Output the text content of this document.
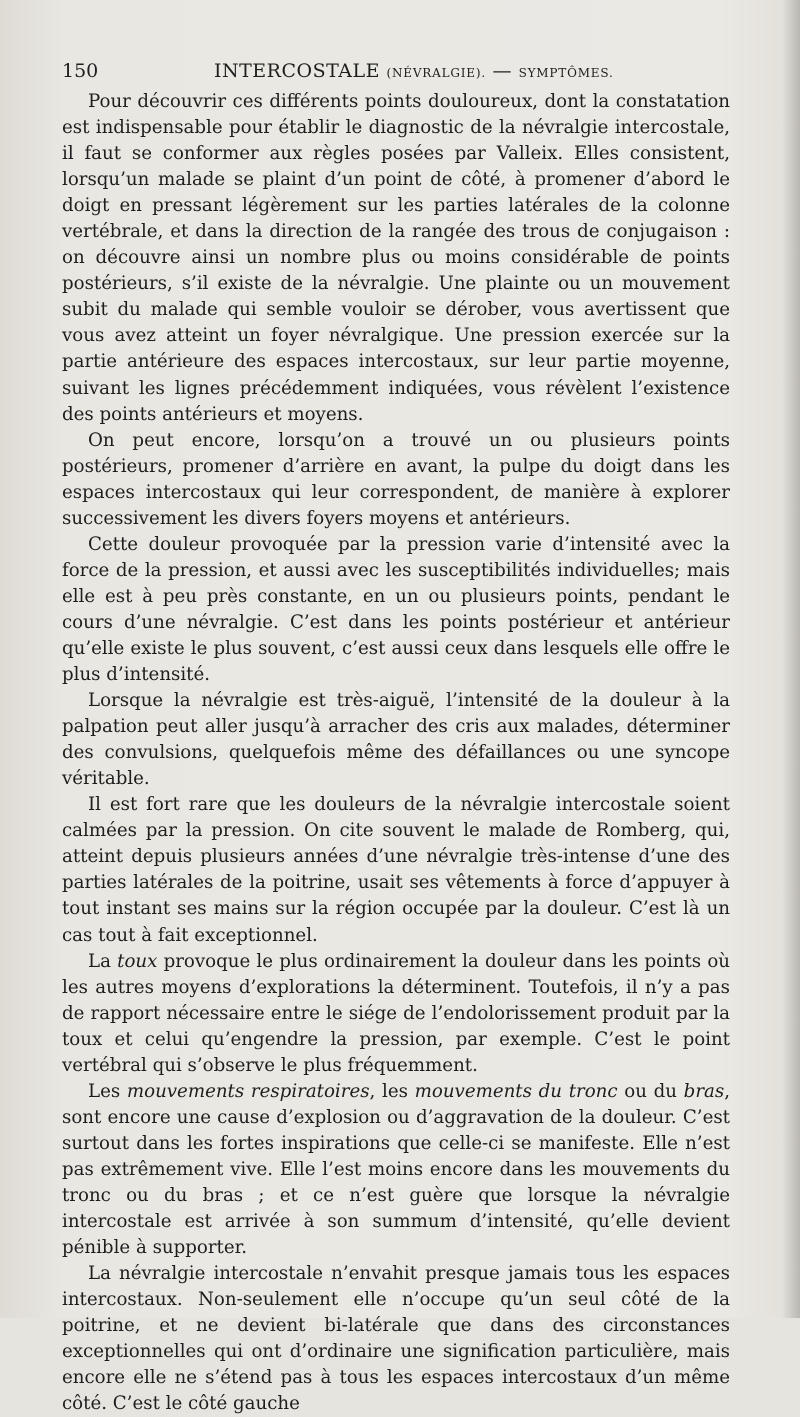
150	INTERCOSTALE (NÉVRALGIE). — SYMPTÔMES.

Pour découvrir ces différents points douloureux, dont la constatation est indispensable pour établir le diagnostic de la névralgie intercostale, il faut se conformer aux règles posées par Valleix. Elles consistent, lorsqu’un malade se plaint d’un point de côté, à promener d’abord le doigt en pressant légèrement sur les parties latérales de la colonne vertébrale, et dans la direction de la rangée des trous de conjugaison : on découvre ainsi un nombre plus ou moins considérable de points postérieurs, s’il existe de la névralgie. Une plainte ou un mouvement subit du malade qui semble vouloir se dérober, vous avertissent que vous avez atteint un foyer névralgique. Une pression exercée sur la partie antérieure des espaces intercostaux, sur leur partie moyenne, suivant les lignes précédemment indiquées, vous révèlent l’existence des points antérieurs et moyens.

On peut encore, lorsqu’on a trouvé un ou plusieurs points postérieurs, promener d’arrière en avant, la pulpe du doigt dans les espaces intercostaux qui leur correspondent, de manière à explorer successivement les divers foyers moyens et antérieurs.

Cette douleur provoquée par la pression varie d’intensité avec la force de la pression, et aussi avec les susceptibilités individuelles; mais elle est à peu près constante, en un ou plusieurs points, pendant le cours d’une névralgie. C’est dans les points postérieur et antérieur qu’elle existe le plus souvent, c’est aussi ceux dans lesquels elle offre le plus d’intensité.

Lorsque la névralgie est très-aiguë, l’intensité de la douleur à la palpation peut aller jusqu’à arracher des cris aux malades, déterminer des convulsions, quelquefois même des défaillances ou une syncope véritable.

Il est fort rare que les douleurs de la névralgie intercostale soient calmées par la pression. On cite souvent le malade de Romberg, qui, atteint depuis plusieurs années d’une névralgie très-intense d’une des parties latérales de la poitrine, usait ses vêtements à force d’appuyer à tout instant ses mains sur la région occupée par la douleur. C’est là un cas tout à fait exceptionnel.

La toux provoque le plus ordinairement la douleur dans les points où les autres moyens d’explorations la déterminent. Toutefois, il n’y a pas de rapport nécessaire entre le siége de l’endolorissement produit par la toux et celui qu’engendre la pression, par exemple. C’est le point vertébral qui s’observe le plus fréquemment.

Les mouvements respiratoires, les mouvements du tronc ou du bras, sont encore une cause d’explosion ou d’aggravation de la douleur. C’est surtout dans les fortes inspirations que celle-ci se manifeste. Elle n’est pas extrêmement vive. Elle l’est moins encore dans les mouvements du tronc ou du bras ; et ce n’est guère que lorsque la névralgie intercostale est arrivée à son summum d’intensité, qu’elle devient pénible à supporter.

La névralgie intercostale n’envahit presque jamais tous les espaces intercostaux. Non-seulement elle n’occupe qu’un seul côté de la poitrine, et ne devient bi-latérale que dans des circonstances exceptionnelles qui ont d’ordinaire une signification particulière, mais encore elle ne s’étend pas à tous les espaces intercostaux d’un même côté. C’est le côté gauche
